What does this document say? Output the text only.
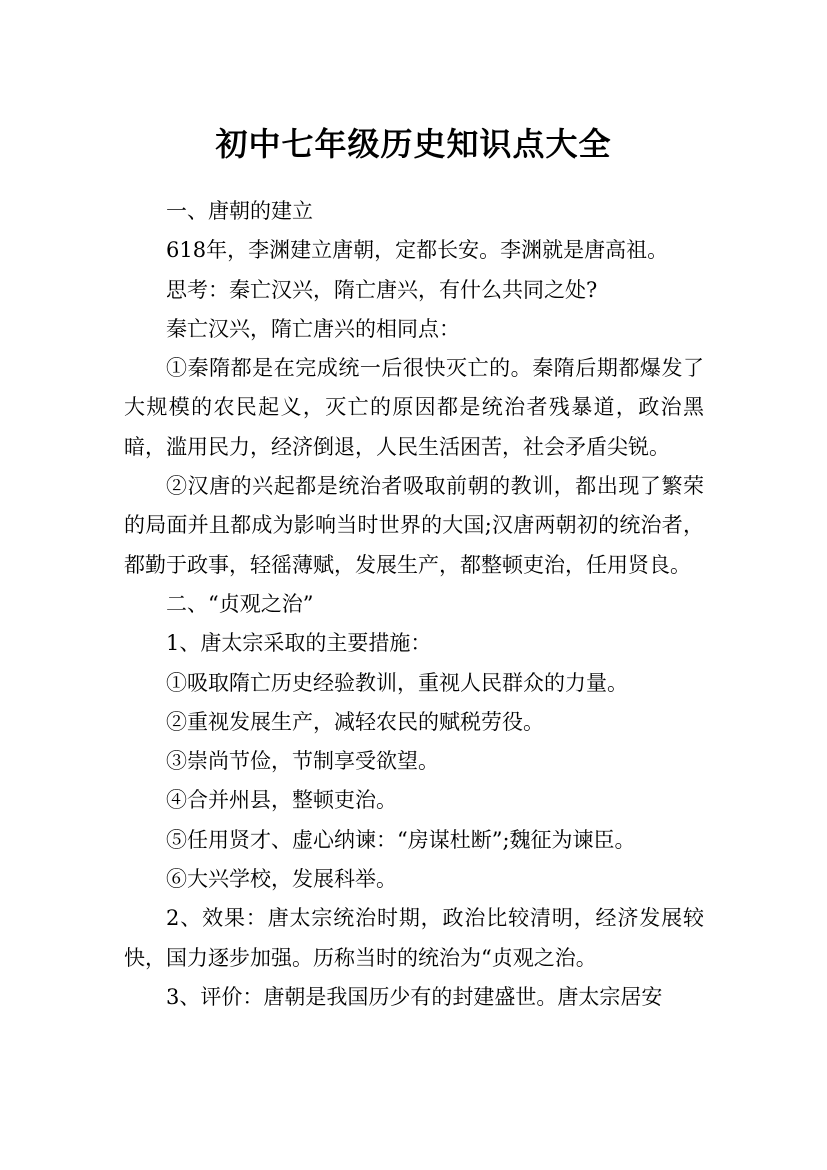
初中七年级历史知识点大全

一、唐朝的建立

618年，李渊建立唐朝，定都长安。李渊就是唐高祖。

思考：秦亡汉兴，隋亡唐兴，有什么共同之处?

秦亡汉兴，隋亡唐兴的相同点：

①秦隋都是在完成统一后很快灭亡的。秦隋后期都爆发了大规模的农民起义，灭亡的原因都是统治者残暴道，政治黑暗，滥用民力，经济倒退，人民生活困苦，社会矛盾尖锐。

②汉唐的兴起都是统治者吸取前朝的教训，都出现了繁荣的局面并且都成为影响当时世界的大国;汉唐两朝初的统治者，都勤于政事，轻徭薄赋，发展生产，都整顿吏治，任用贤良。

二、“贞观之治”

1、唐太宗采取的主要措施：

①吸取隋亡历史经验教训，重视人民群众的力量。

②重视发展生产，减轻农民的赋税劳役。

③崇尚节俭，节制享受欲望。

④合并州县，整顿吏治。

⑤任用贤才、虚心纳谏：“房谋杜断”;魏征为谏臣。

⑥大兴学校，发展科举。

2、效果：唐太宗统治时期，政治比较清明，经济发展较快，国力逐步加强。历称当时的统治为“贞观之治。

3、评价：唐朝是我国历少有的封建盛世。唐太宗居安
